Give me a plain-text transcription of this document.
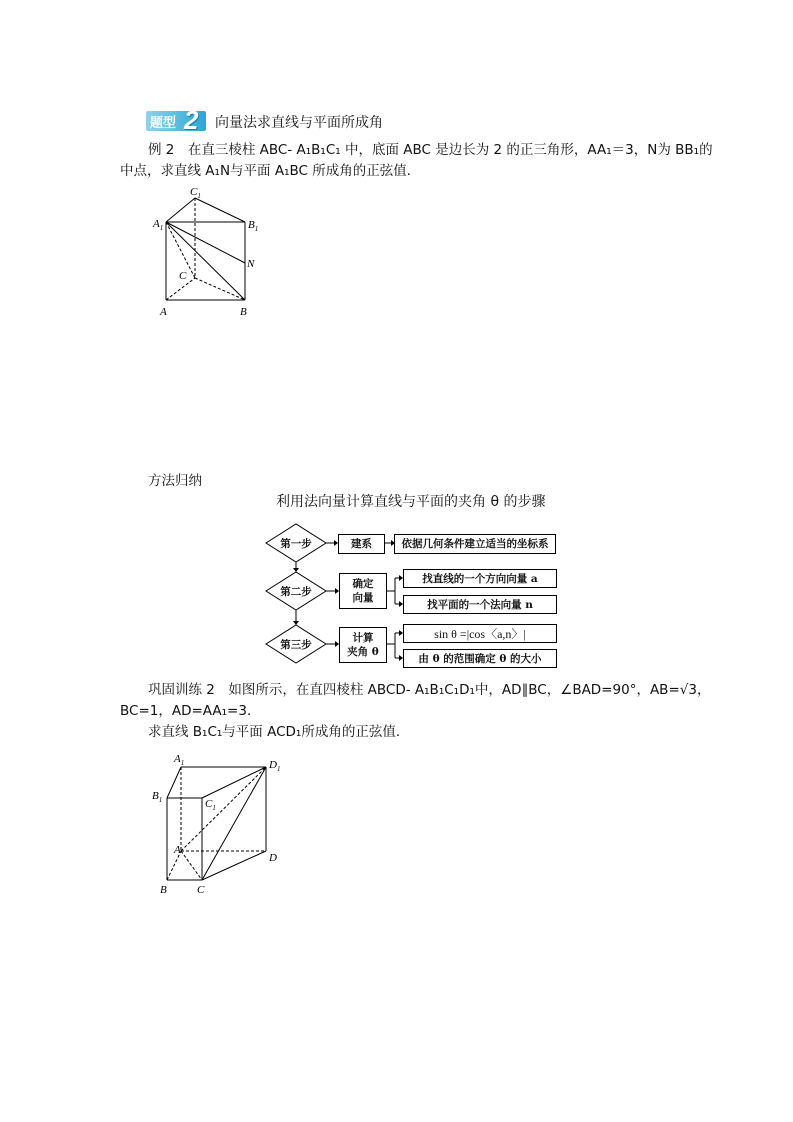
题型 2 向量法求直线与平面所成角
例 2　在直三棱柱 ABC- A₁B₁C₁ 中，底面 ABC 是边长为 2 的正三角形，AA₁＝3，N为 BB₁的
中点，求直线 A₁N与平面 A₁BC 所成角的正弦值．
$C_1$
$A_1$	$B_1$
N
C
A	B
方法归纳
利用法向量计算直线与平面的夹角 θ 的步骤
第一步
第二步
第三步
建系
确定
向量
计算
夹角 θ
依据几何条件建立适当的坐标系
找直线的一个方向向量 a
找平面的一个法向量 n
sin θ =|cos〈a,n〉|
由 θ 的范围确定 θ 的大小
巩固训练 2　如图所示，在直四棱柱 ABCD- A₁B₁C₁D₁中，AD∥BC，∠BAD=90°，AB=√3，
BC=1，AD=AA₁=3．
求直线 B₁C₁与平面 ACD₁所成角的正弦值．
$A_1$	$D_1$
$B_1$	$C_1$
A
D
B	C
